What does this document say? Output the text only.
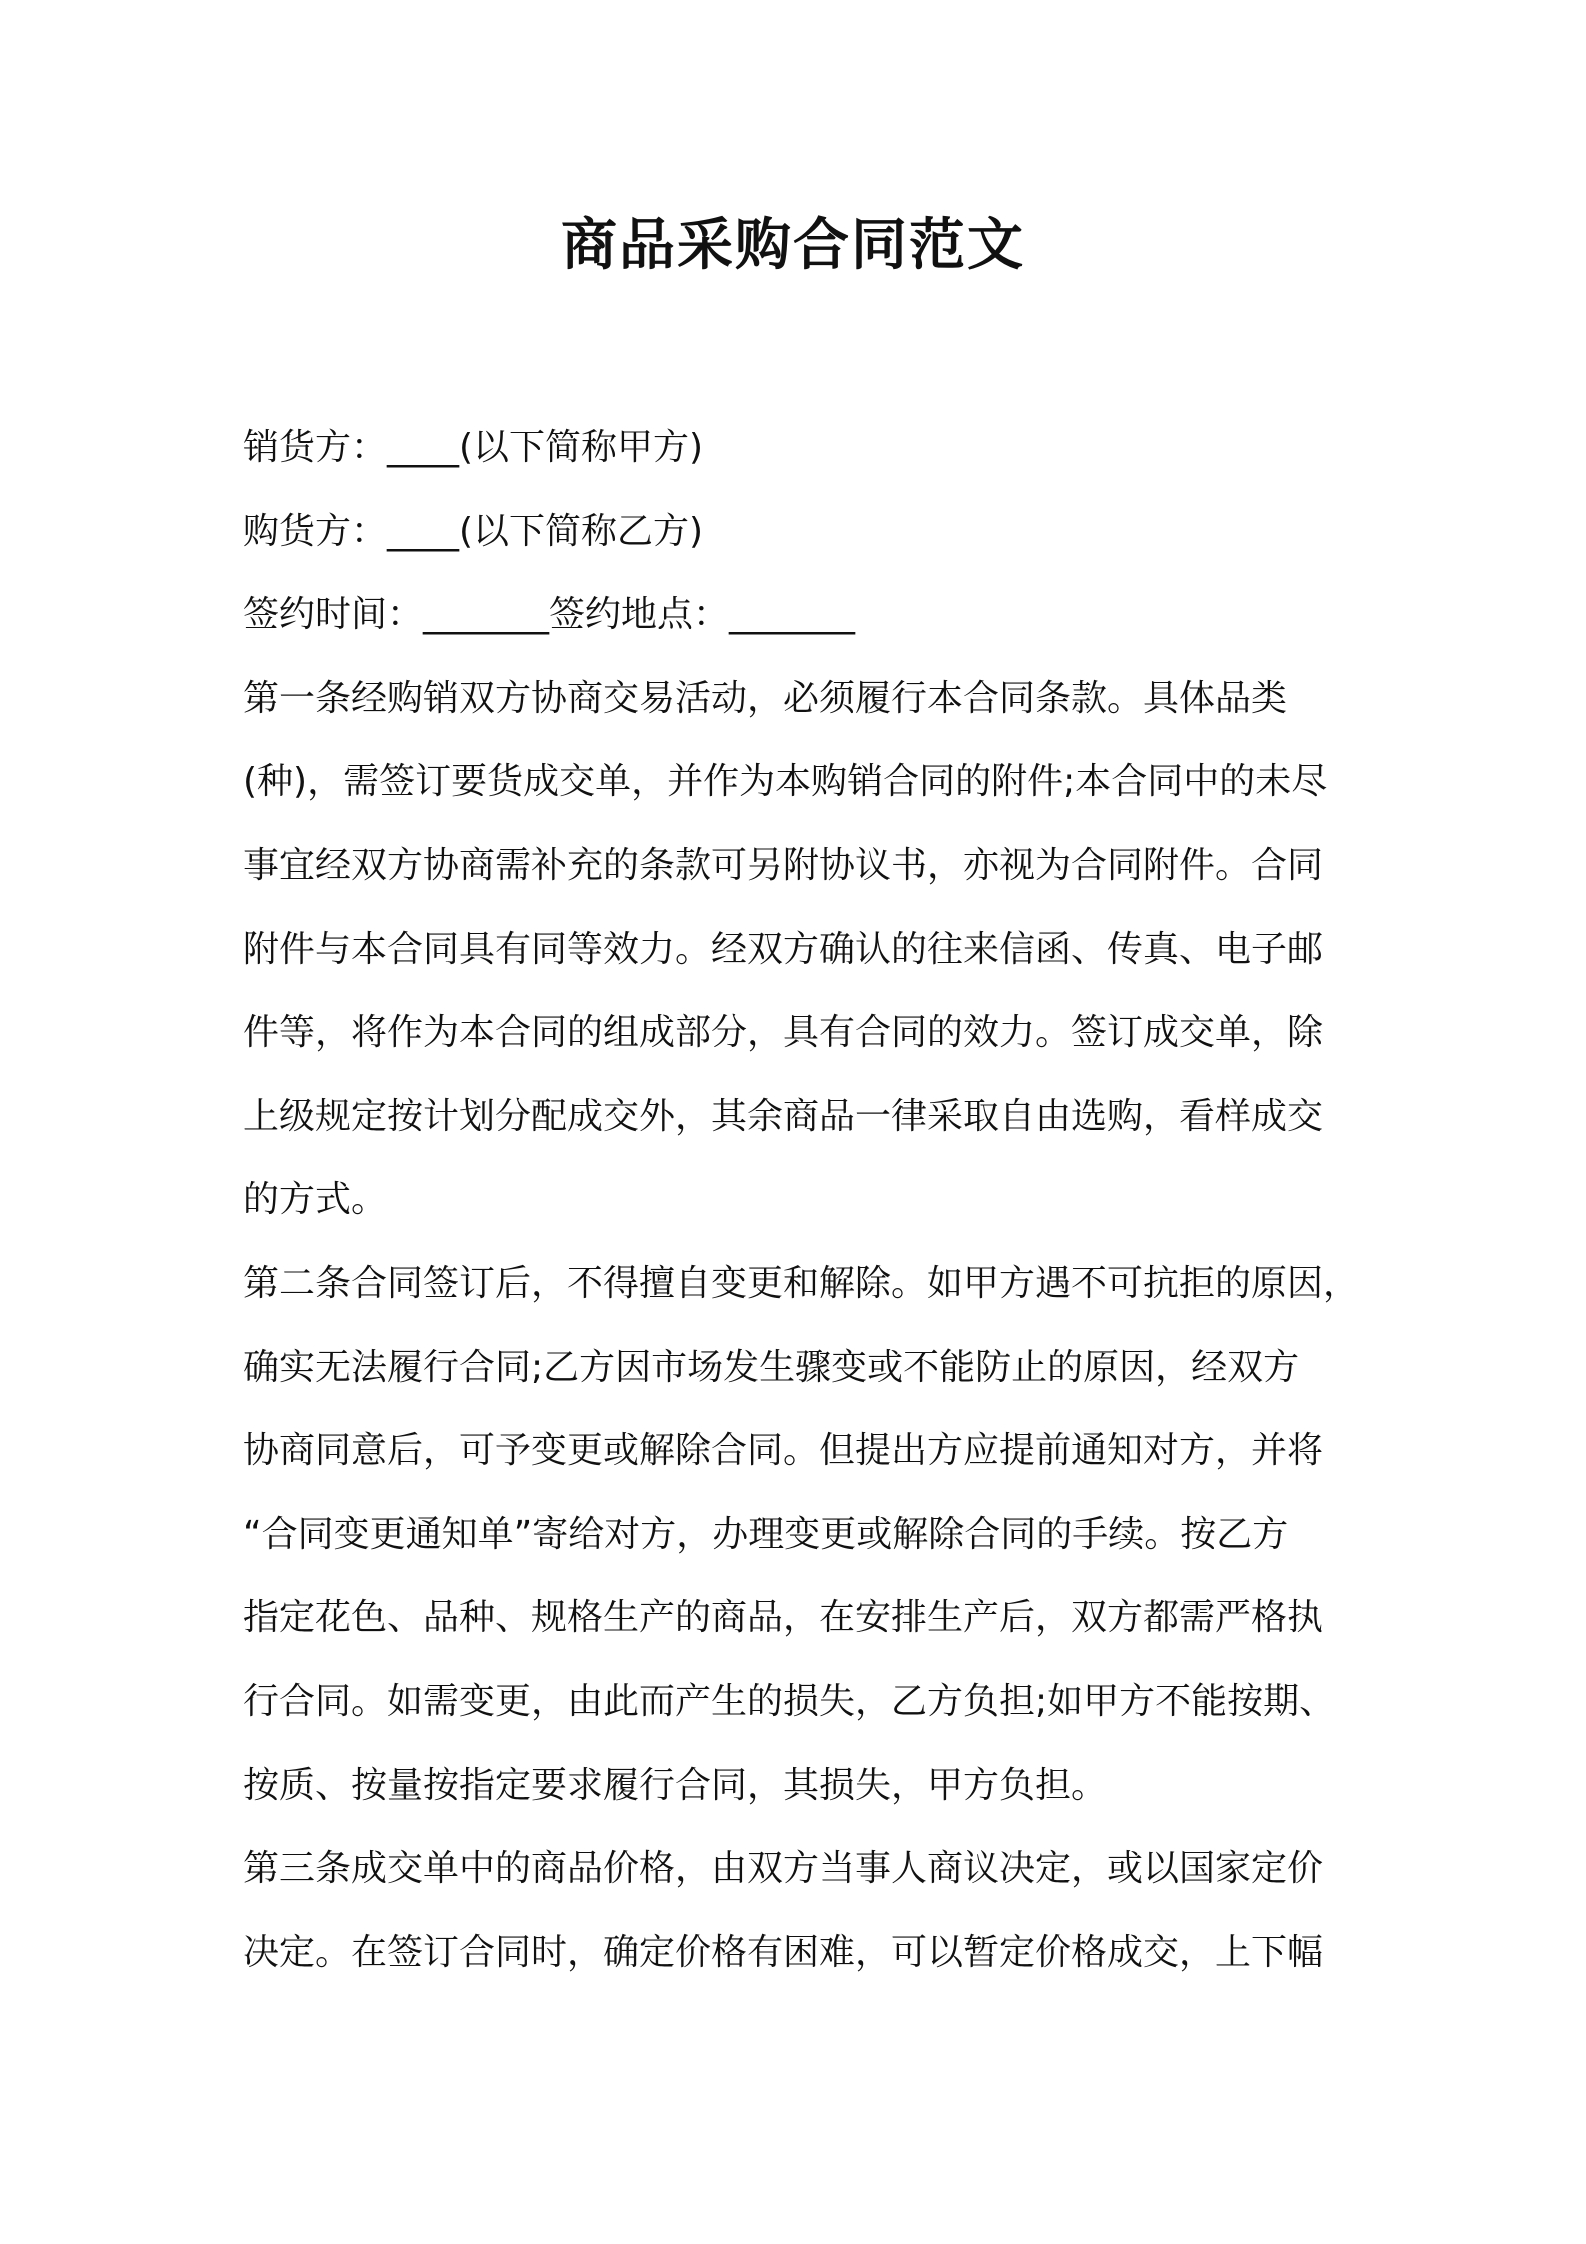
商品采购合同范文
销货方：____(以下简称甲方)
购货方：____(以下简称乙方)
签约时间：_______签约地点：_______
第一条经购销双方协商交易活动，必须履行本合同条款。具体品类
(种)，需签订要货成交单，并作为本购销合同的附件;本合同中的未尽
事宜经双方协商需补充的条款可另附协议书，亦视为合同附件。合同
附件与本合同具有同等效力。经双方确认的往来信函、传真、电子邮
件等，将作为本合同的组成部分，具有合同的效力。签订成交单，除
上级规定按计划分配成交外，其余商品一律采取自由选购，看样成交
的方式。
第二条合同签订后，不得擅自变更和解除。如甲方遇不可抗拒的原因，
确实无法履行合同;乙方因市场发生骤变或不能防止的原因，经双方
协商同意后，可予变更或解除合同。但提出方应提前通知对方，并将
“合同变更通知单”寄给对方，办理变更或解除合同的手续。按乙方
指定花色、品种、规格生产的商品，在安排生产后，双方都需严格执
行合同。如需变更，由此而产生的损失，乙方负担;如甲方不能按期、
按质、按量按指定要求履行合同，其损失，甲方负担。
第三条成交单中的商品价格，由双方当事人商议决定，或以国家定价
决定。在签订合同时，确定价格有困难，可以暂定价格成交，上下幅
